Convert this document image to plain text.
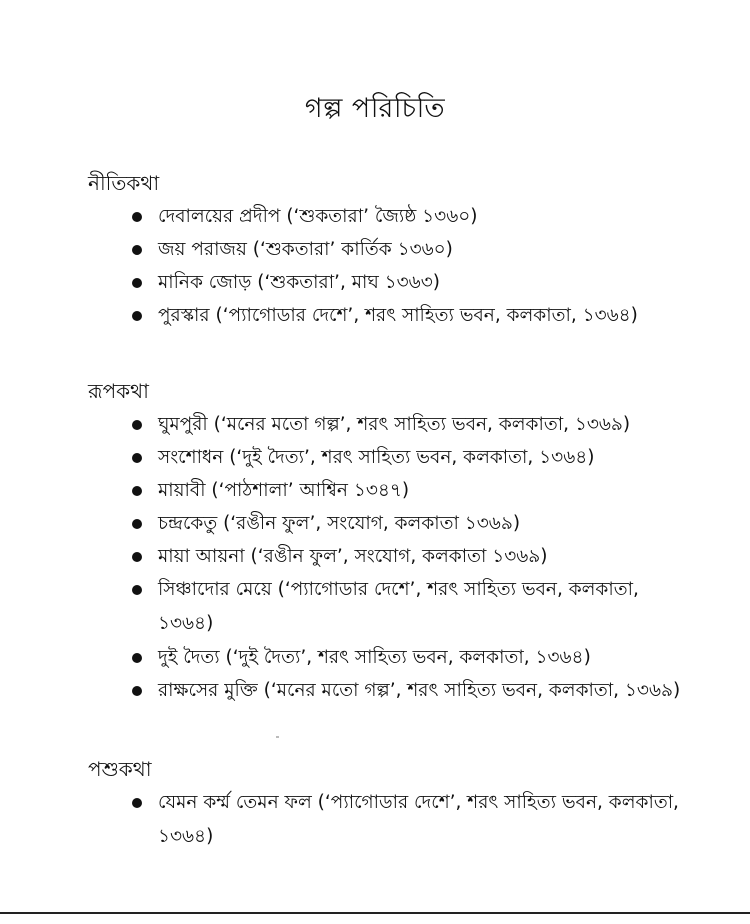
গল্প পরিচিতি
নীতিকথা
দেবালয়ের প্রদীপ (‘শুকতারা’ জ্যৈষ্ঠ ১৩৬০)
জয় পরাজয় (‘শুকতারা’ কার্তিক ১৩৬০)
মানিক জোড় (‘শুকতারা’, মাঘ ১৩৬৩)
পুরস্কার (‘প্যাগোডার দেশে’, শরৎ সাহিত্য ভবন, কলকাতা, ১৩৬৪)
রূপকথা
ঘুমপুরী (‘মনের মতো গল্প’, শরৎ সাহিত্য ভবন, কলকাতা, ১৩৬৯)
সংশোধন (‘দুই দৈত্য’, শরৎ সাহিত্য ভবন, কলকাতা, ১৩৬৪)
মায়াবী (‘পাঠশালা’ আশ্বিন ১৩৪৭)
চন্দ্রকেতু (‘রঙীন ফুল’, সংযোগ, কলকাতা ১৩৬৯)
মায়া আয়না (‘রঙীন ফুল’, সংযোগ, কলকাতা ১৩৬৯)
সিঞ্চাদোর মেয়ে (‘প্যাগোডার দেশে’, শরৎ সাহিত্য ভবন, কলকাতা, ১৩৬৪)
দুই দৈত্য (‘দুই দৈত্য’, শরৎ সাহিত্য ভবন, কলকাতা, ১৩৬৪)
রাক্ষসের মুক্তি (‘মনের মতো গল্প’, শরৎ সাহিত্য ভবন, কলকাতা, ১৩৬৯)
পশুকথা
যেমন কর্ম্ম তেমন ফল (‘প্যাগোডার দেশে’, শরৎ সাহিত্য ভবন, কলকাতা, ১৩৬৪)
